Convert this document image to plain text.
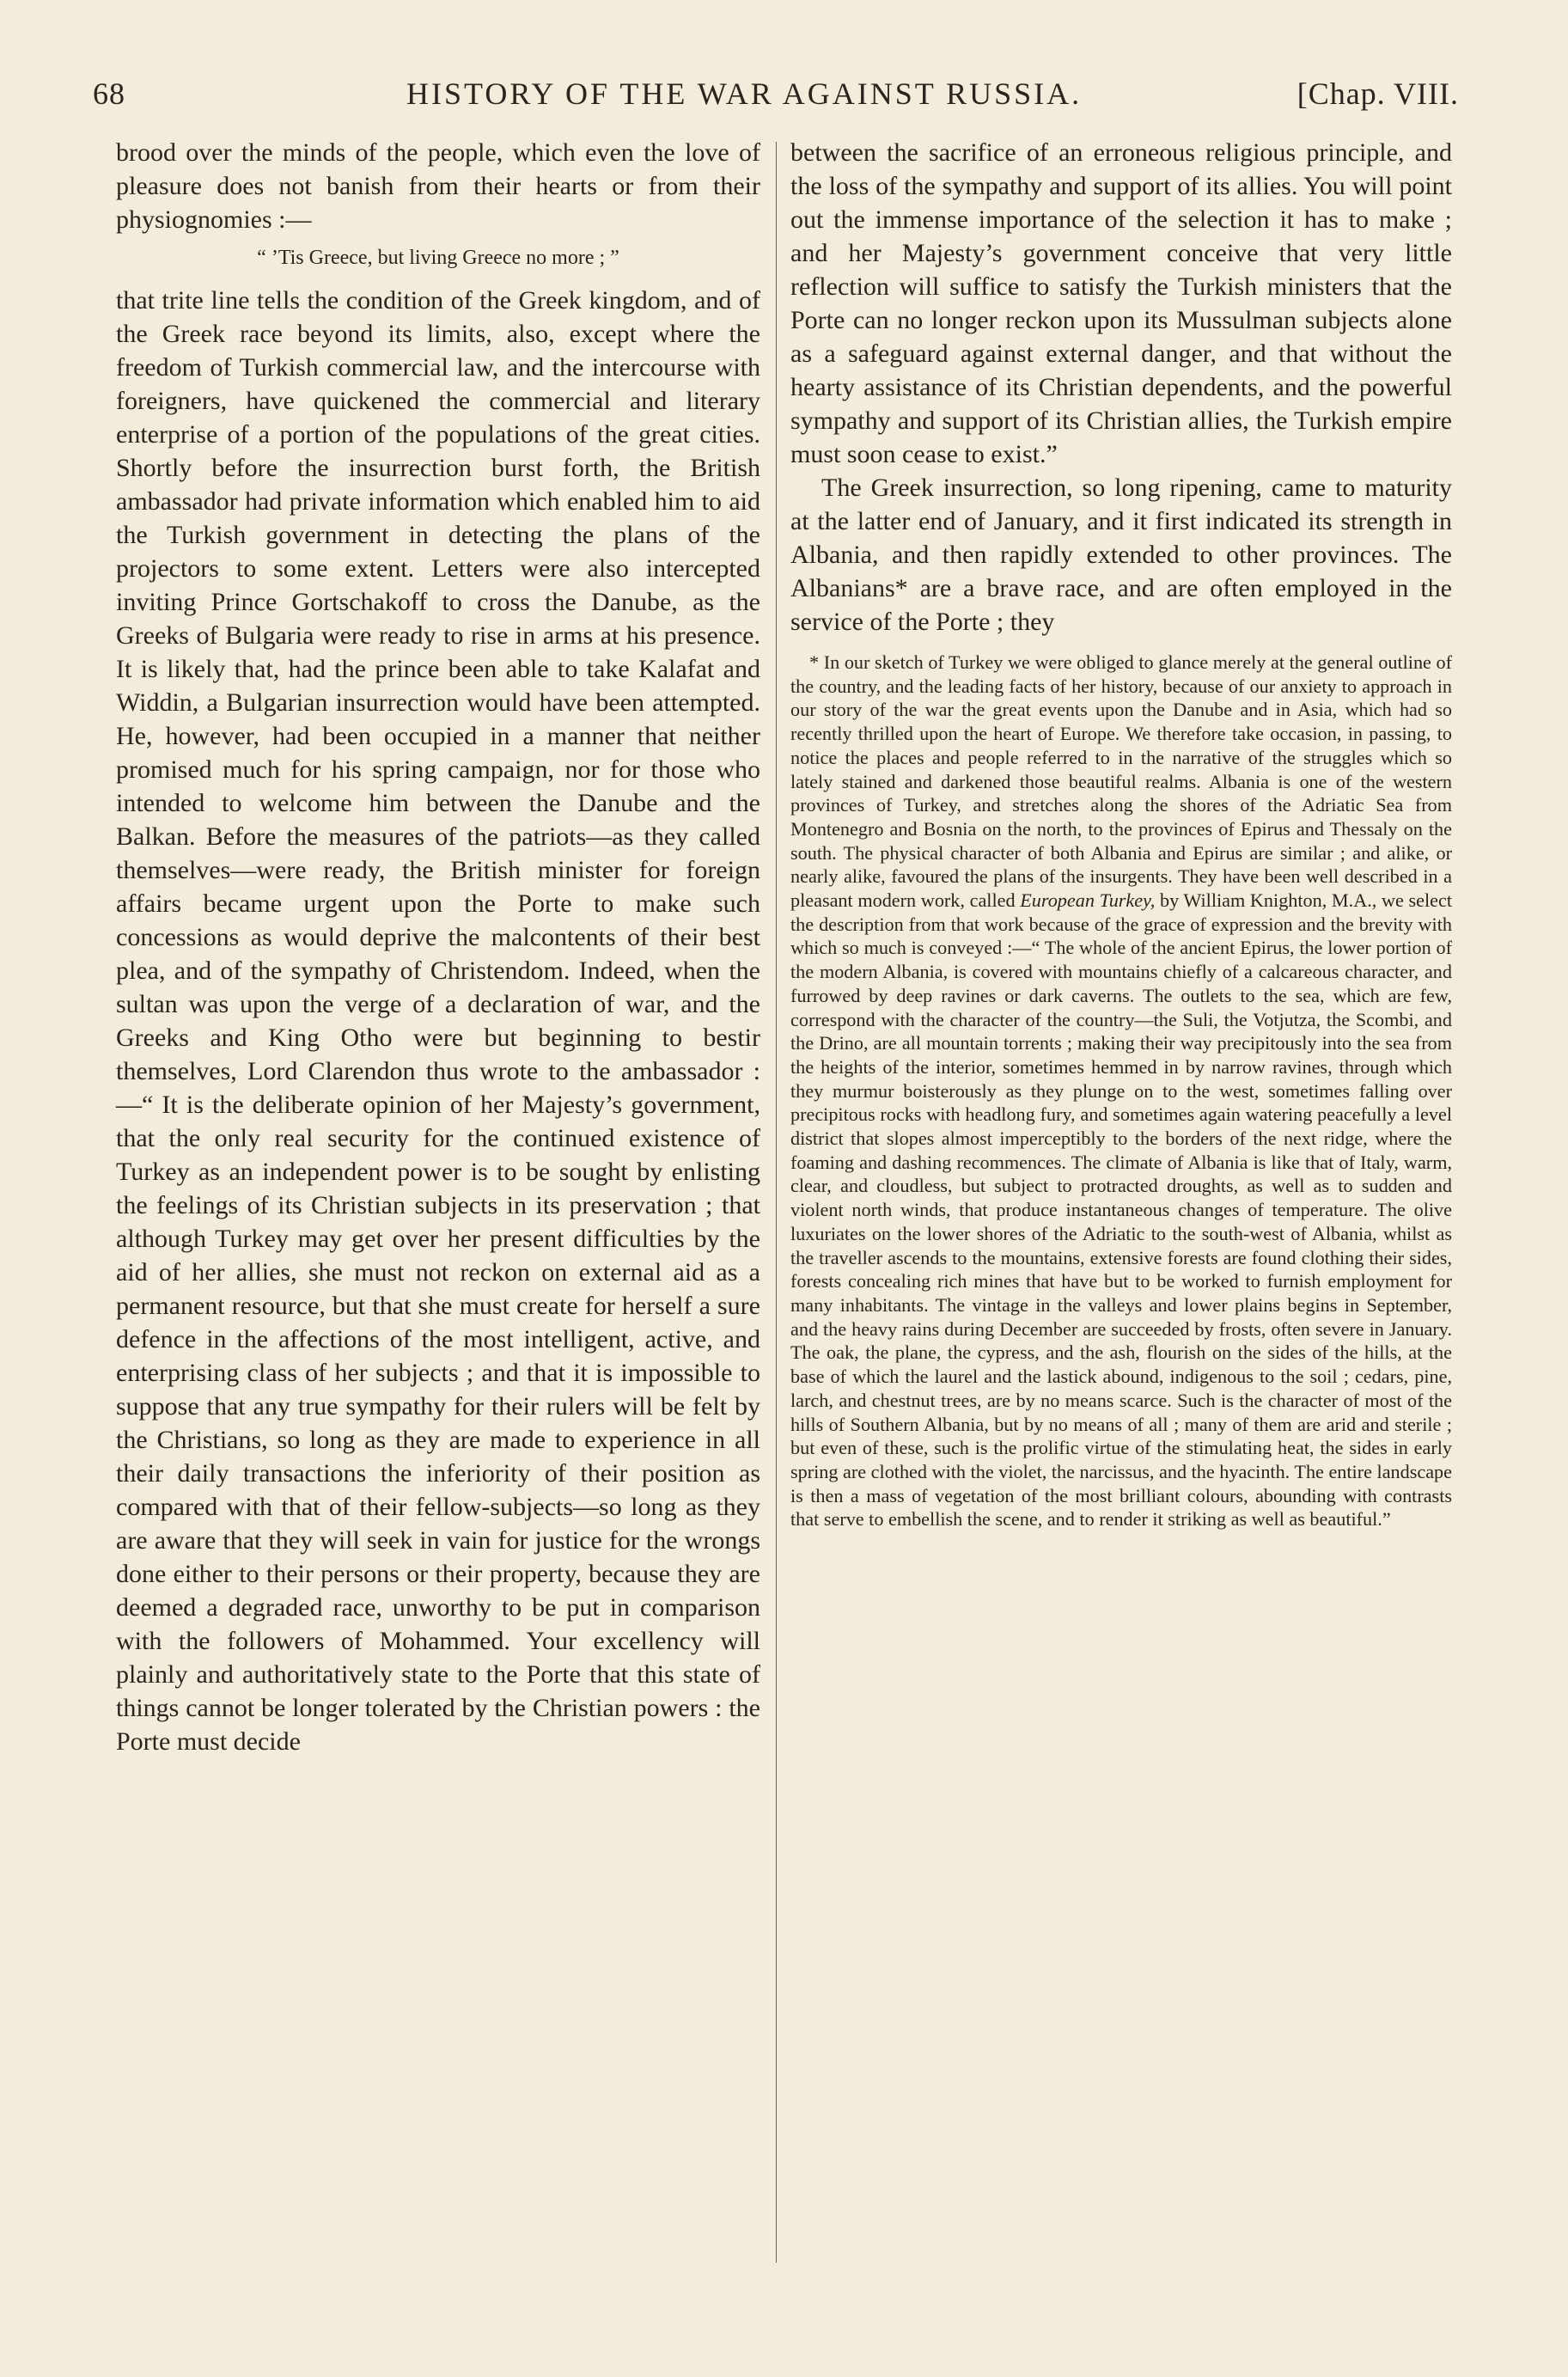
68	HISTORY OF THE WAR AGAINST RUSSIA.	[Chap. VIII.

brood over the minds of the people, which even the love of pleasure does not banish from their hearts or from their physiognomies :—

“ ’Tis Greece, but living Greece no more ; ”

that trite line tells the condition of the Greek kingdom, and of the Greek race beyond its limits, also, except where the freedom of Turkish commercial law, and the intercourse with foreigners, have quickened the commercial and literary enterprise of a portion of the populations of the great cities. Shortly before the insurrection burst forth, the British ambassador had private information which enabled him to aid the Turkish government in detecting the plans of the projectors to some extent. Letters were also intercepted inviting Prince Gortschakoff to cross the Danube, as the Greeks of Bulgaria were ready to rise in arms at his presence. It is likely that, had the prince been able to take Kalafat and Widdin, a Bulgarian insurrection would have been attempted. He, however, had been occupied in a manner that neither promised much for his spring campaign, nor for those who intended to welcome him between the Danube and the Balkan. Before the measures of the patriots—as they called themselves—were ready, the British minister for foreign affairs became urgent upon the Porte to make such concessions as would deprive the malcontents of their best plea, and of the sympathy of Christendom. Indeed, when the sultan was upon the verge of a declaration of war, and the Greeks and King Otho were but beginning to bestir themselves, Lord Clarendon thus wrote to the ambassador :—“ It is the deliberate opinion of her Majesty’s government, that the only real security for the continued existence of Turkey as an independent power is to be sought by enlisting the feelings of its Christian subjects in its preservation ; that although Turkey may get over her present difficulties by the aid of her allies, she must not reckon on external aid as a permanent resource, but that she must create for herself a sure defence in the affections of the most intelligent, active, and enterprising class of her subjects ; and that it is impossible to suppose that any true sympathy for their rulers will be felt by the Christians, so long as they are made to experience in all their daily transactions the inferiority of their position as compared with that of their fellow-subjects—so long as they are aware that they will seek in vain for justice for the wrongs done either to their persons or their property, because they are deemed a degraded race, unworthy to be put in comparison with the followers of Mohammed. Your excellency will plainly and authoritatively state to the Porte that this state of things cannot be longer tolerated by the Christian powers : the Porte must decide

between the sacrifice of an erroneous religious principle, and the loss of the sympathy and support of its allies. You will point out the immense importance of the selection it has to make ; and her Majesty’s government conceive that very little reflection will suffice to satisfy the Turkish ministers that the Porte can no longer reckon upon its Mussulman subjects alone as a safeguard against external danger, and that without the hearty assistance of its Christian dependents, and the powerful sympathy and support of its Christian allies, the Turkish empire must soon cease to exist.”

The Greek insurrection, so long ripening, came to maturity at the latter end of January, and it first indicated its strength in Albania, and then rapidly extended to other provinces. The Albanians* are a brave race, and are often employed in the service of the Porte ; they

* In our sketch of Turkey we were obliged to glance merely at the general outline of the country, and the leading facts of her history, because of our anxiety to approach in our story of the war the great events upon the Danube and in Asia, which had so recently thrilled upon the heart of Europe. We therefore take occasion, in passing, to notice the places and people referred to in the narrative of the struggles which so lately stained and darkened those beautiful realms. Albania is one of the western provinces of Turkey, and stretches along the shores of the Adriatic Sea from Montenegro and Bosnia on the north, to the provinces of Epirus and Thessaly on the south. The physical character of both Albania and Epirus are similar ; and alike, or nearly alike, favoured the plans of the insurgents. They have been well described in a pleasant modern work, called European Turkey, by William Knighton, M.A., we select the description from that work because of the grace of expression and the brevity with which so much is conveyed :—“ The whole of the ancient Epirus, the lower portion of the modern Albania, is covered with mountains chiefly of a calcareous character, and furrowed by deep ravines or dark caverns. The outlets to the sea, which are few, correspond with the character of the country—the Suli, the Votjutza, the Scombi, and the Drino, are all mountain torrents ; making their way precipitously into the sea from the heights of the interior, sometimes hemmed in by narrow ravines, through which they murmur boisterously as they plunge on to the west, sometimes falling over precipitous rocks with headlong fury, and sometimes again watering peacefully a level district that slopes almost imperceptibly to the borders of the next ridge, where the foaming and dashing recommences. The climate of Albania is like that of Italy, warm, clear, and cloudless, but subject to protracted droughts, as well as to sudden and violent north winds, that produce instantaneous changes of temperature. The olive luxuriates on the lower shores of the Adriatic to the south-west of Albania, whilst as the traveller ascends to the mountains, extensive forests are found clothing their sides, forests concealing rich mines that have but to be worked to furnish employment for many inhabitants. The vintage in the valleys and lower plains begins in September, and the heavy rains during December are succeeded by frosts, often severe in January. The oak, the plane, the cypress, and the ash, flourish on the sides of the hills, at the base of which the laurel and the lastick abound, indigenous to the soil ; cedars, pine, larch, and chestnut trees, are by no means scarce. Such is the character of most of the hills of Southern Albania, but by no means of all ; many of them are arid and sterile ; but even of these, such is the prolific virtue of the stimulating heat, the sides in early spring are clothed with the violet, the narcissus, and the hyacinth. The entire landscape is then a mass of vegetation of the most brilliant colours, abounding with contrasts that serve to embellish the scene, and to render it striking as well as beautiful.”
